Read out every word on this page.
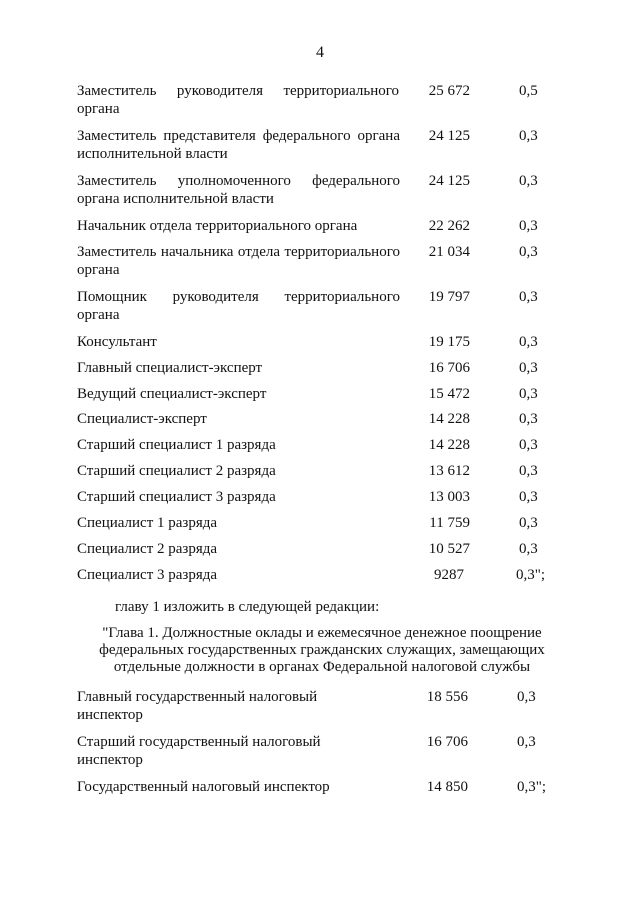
4
Заместитель руководителя территориального органа
25 672	0,5
Заместитель представителя федерального органа исполнительной власти
24 125	0,3
Заместитель уполномоченного федерального органа исполнительной власти
24 125	0,3
Начальник отдела территориального органа	22 262	0,3
Заместитель начальника отдела территориального органа
21 034	0,3
Помощник руководителя территориального органа
19 797	0,3
Консультант	19 175	0,3
Главный специалист-эксперт	16 706	0,3
Ведущий специалист-эксперт	15 472	0,3
Специалист-эксперт	14 228	0,3
Старший специалист 1 разряда	14 228	0,3
Старший специалист 2 разряда	13 612	0,3
Старший специалист 3 разряда	13 003	0,3
Специалист 1 разряда	11 759	0,3
Специалист 2 разряда	10 527	0,3
Специалист 3 разряда	9287	0,3";
главу 1 изложить в следующей редакции:
"Глава 1. Должностные оклады и ежемесячное денежное поощрение федеральных государственных гражданских служащих, замещающих отдельные должности в органах Федеральной налоговой службы
Главный государственный налоговый инспектор
18 556	0,3
Старший государственный налоговый инспектор
16 706	0,3
Государственный налоговый инспектор	14 850	0,3";
